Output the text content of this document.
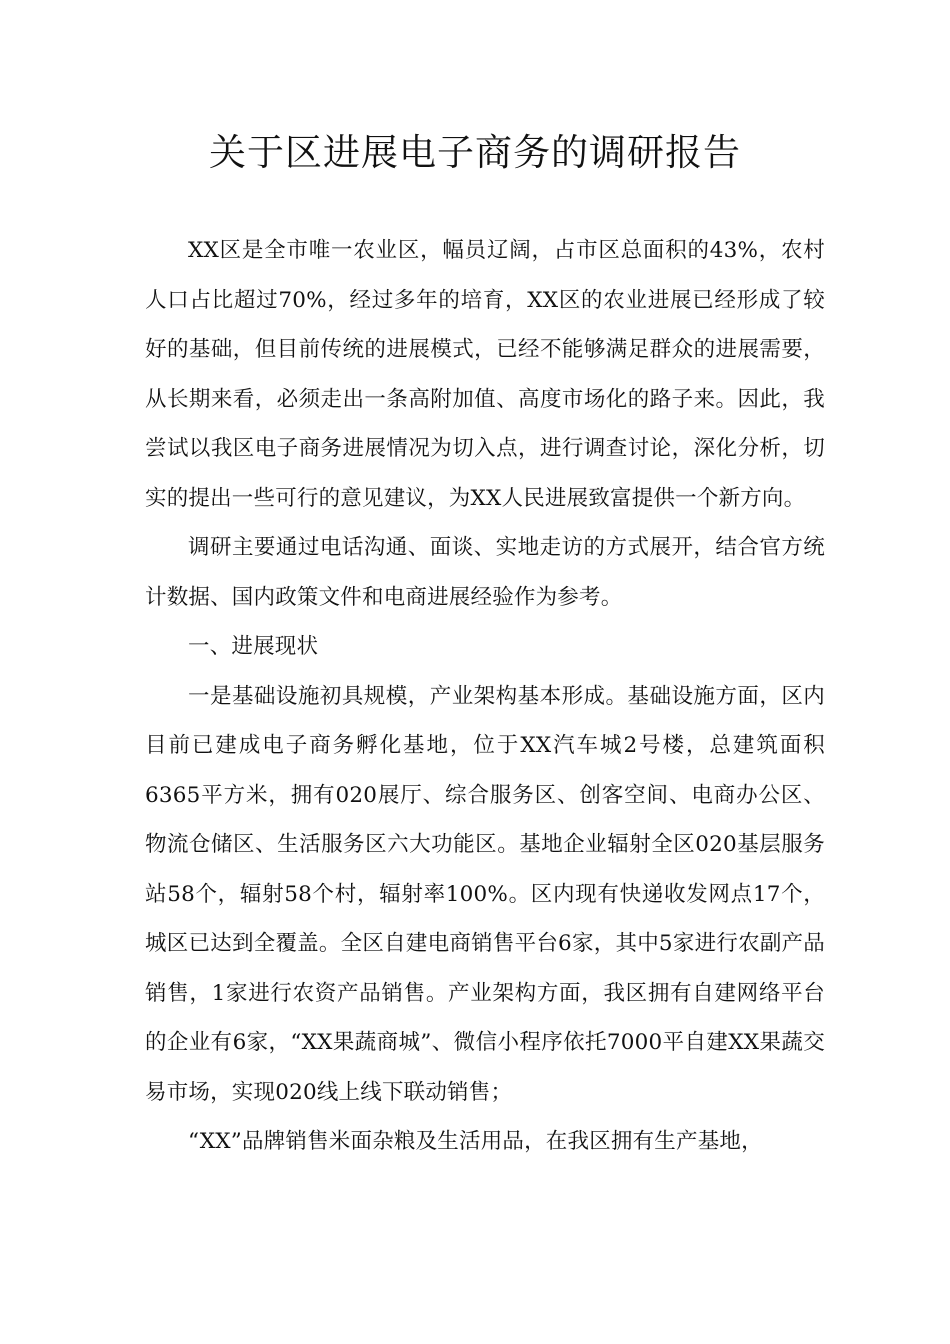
关于区进展电子商务的调研报告

XX区是全市唯一农业区，幅员辽阔，占市区总面积的43%，农村人口占比超过70%，经过多年的培育，XX区的农业进展已经形成了较好的基础，但目前传统的进展模式，已经不能够满足群众的进展需要，从长期来看，必须走出一条高附加值、高度市场化的路子来。因此，我尝试以我区电子商务进展情况为切入点，进行调查讨论，深化分析，切实的提出一些可行的意见建议，为XX人民进展致富提供一个新方向。

调研主要通过电话沟通、面谈、实地走访的方式展开，结合官方统计数据、国内政策文件和电商进展经验作为参考。

一、进展现状

一是基础设施初具规模，产业架构基本形成。基础设施方面，区内目前已建成电子商务孵化基地，位于XX汽车城2号楼，总建筑面积6365平方米，拥有020展厅、综合服务区、创客空间、电商办公区、物流仓储区、生活服务区六大功能区。基地企业辐射全区020基层服务站58个，辐射58个村，辐射率100%。区内现有快递收发网点17个，城区已达到全覆盖。全区自建电商销售平台6家，其中5家进行农副产品销售，1家进行农资产品销售。产业架构方面，我区拥有自建网络平台的企业有6家，“XX果蔬商城”、微信小程序依托7000平自建XX果蔬交易市场，实现020线上线下联动销售；

“XX”品牌销售米面杂粮及生活用品，在我区拥有生产基地，
